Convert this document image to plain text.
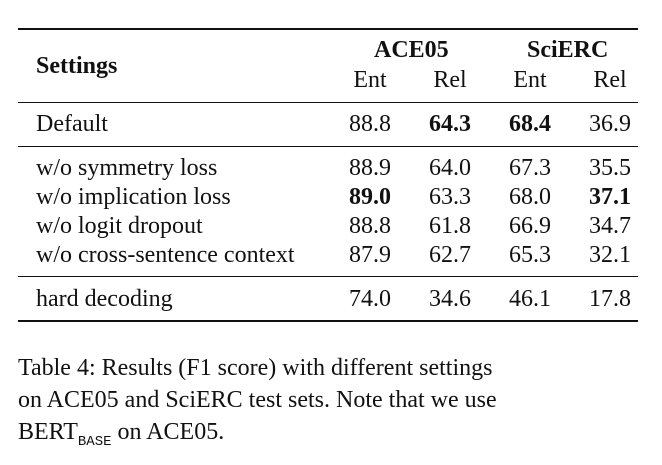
Settings
ACE05	SciERC
Ent	Rel	Ent	Rel
Default	88.8	64.3	68.4	36.9
w/o symmetry loss	88.9	64.0	67.3	35.5
w/o implication loss	89.0	63.3	68.0	37.1
w/o logit dropout	88.8	61.8	66.9	34.7
w/o cross-sentence context	87.9	62.7	65.3	32.1
hard decoding	74.0	34.6	46.1	17.8
Table 4: Results (F1 score) with different settings
on ACE05 and SciERC test sets. Note that we use
$BERT_{BASE}$ on ACE05.
